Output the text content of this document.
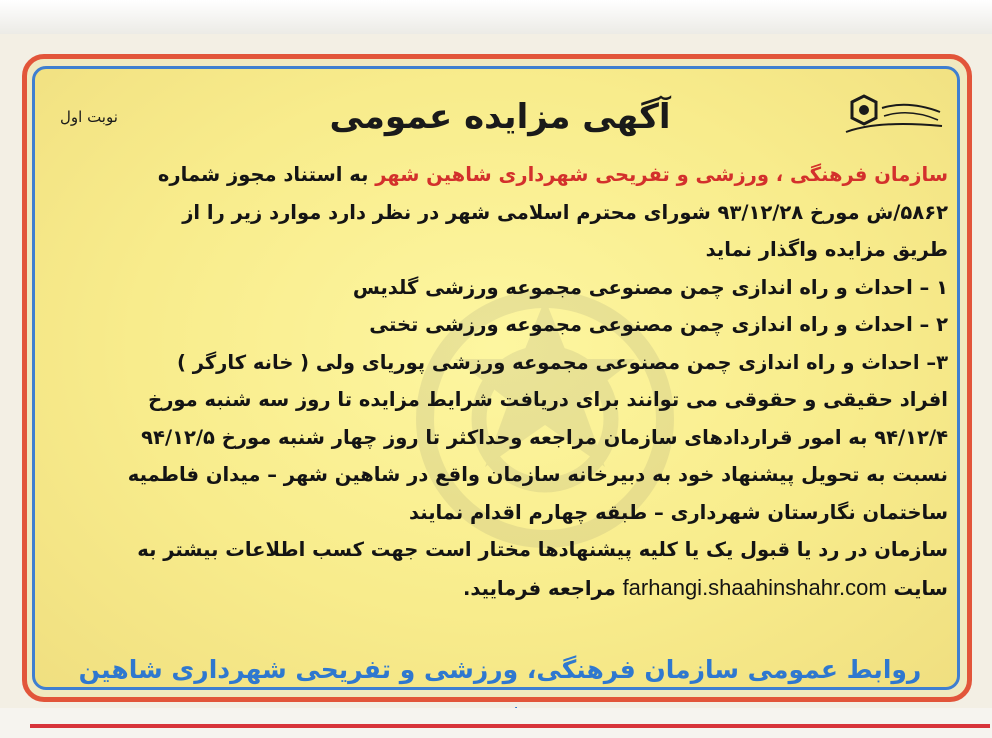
آگهی مزایده عمومی
نوبت اول
سازمان فرهنگی ، ورزشی و تفریحی شهرداری شاهین شهر به استناد مجوز شماره
۵۸۶۲/ش مورخ ۹۳/۱۲/۲۸ شورای محترم اسلامی شهر در نظر دارد موارد زیر را از
طریق مزایده واگذار نماید
۱ – احداث و راه اندازی چمن مصنوعی مجموعه ورزشی گلدیس
۲ – احداث و راه اندازی چمن مصنوعی مجموعه ورزشی تختی
۳– احداث و راه اندازی چمن مصنوعی مجموعه ورزشی پوریای ولی ( خانه کارگر )
افراد حقیقی و حقوقی می توانند برای دریافت شرایط مزایده تا روز سه شنبه مورخ
۹۴/۱۲/۴ به امور قراردادهای سازمان مراجعه وحداکثر تا روز چهار شنبه مورخ ۹۴/۱۲/۵
نسبت به تحویل پیشنهاد خود به دبیرخانه سازمان واقع در شاهین شهر – میدان فاطمیه
ساختمان نگارستان شهرداری – طبقه چهارم اقدام نمایند
سازمان در رد یا قبول یک یا کلیه پیشنهادها مختار است جهت کسب اطلاعات بیشتر به
سایت farhangi.shaahinshahr.com مراجعه فرمایید.
روابط عمومی سازمان فرهنگی، ورزشی و تفریحی شهرداری شاهین
